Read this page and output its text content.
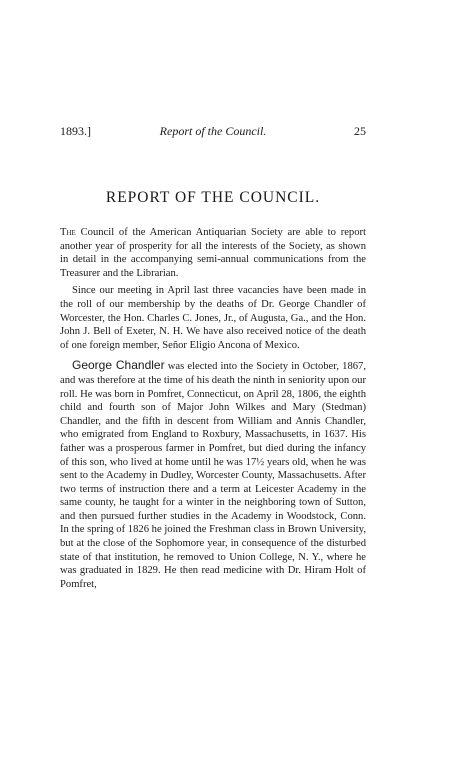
1893.]	Report of the Council.	25
REPORT OF THE COUNCIL.

The Council of the American Antiquarian Society are able to report another year of prosperity for all the interests of the Society, as shown in detail in the accompanying semi-annual communications from the Treasurer and the Librarian.

Since our meeting in April last three vacancies have been made in the roll of our membership by the deaths of Dr. George Chandler of Worcester, the Hon. Charles C. Jones, Jr., of Augusta, Ga., and the Hon. John J. Bell of Exeter, N. H. We have also received notice of the death of one foreign member, Señor Eligio Ancona of Mexico.

George Chandler was elected into the Society in October, 1867, and was therefore at the time of his death the ninth in seniority upon our roll. He was born in Pomfret, Connecticut, on April 28, 1806, the eighth child and fourth son of Major John Wilkes and Mary (Stedman) Chandler, and the fifth in descent from William and Annis Chandler, who emigrated from England to Roxbury, Massachusetts, in 1637. His father was a prosperous farmer in Pomfret, but died during the infancy of this son, who lived at home until he was 17½ years old, when he was sent to the Academy in Dudley, Worcester County, Massachusetts. After two terms of instruction there and a term at Leicester Academy in the same county, he taught for a winter in the neighboring town of Sutton, and then pursued further studies in the Academy in Woodstock, Conn. In the spring of 1826 he joined the Freshman class in Brown University, but at the close of the Sophomore year, in consequence of the disturbed state of that institution, he removed to Union College, N. Y., where he was graduated in 1829. He then read medicine with Dr. Hiram Holt of Pomfret,
